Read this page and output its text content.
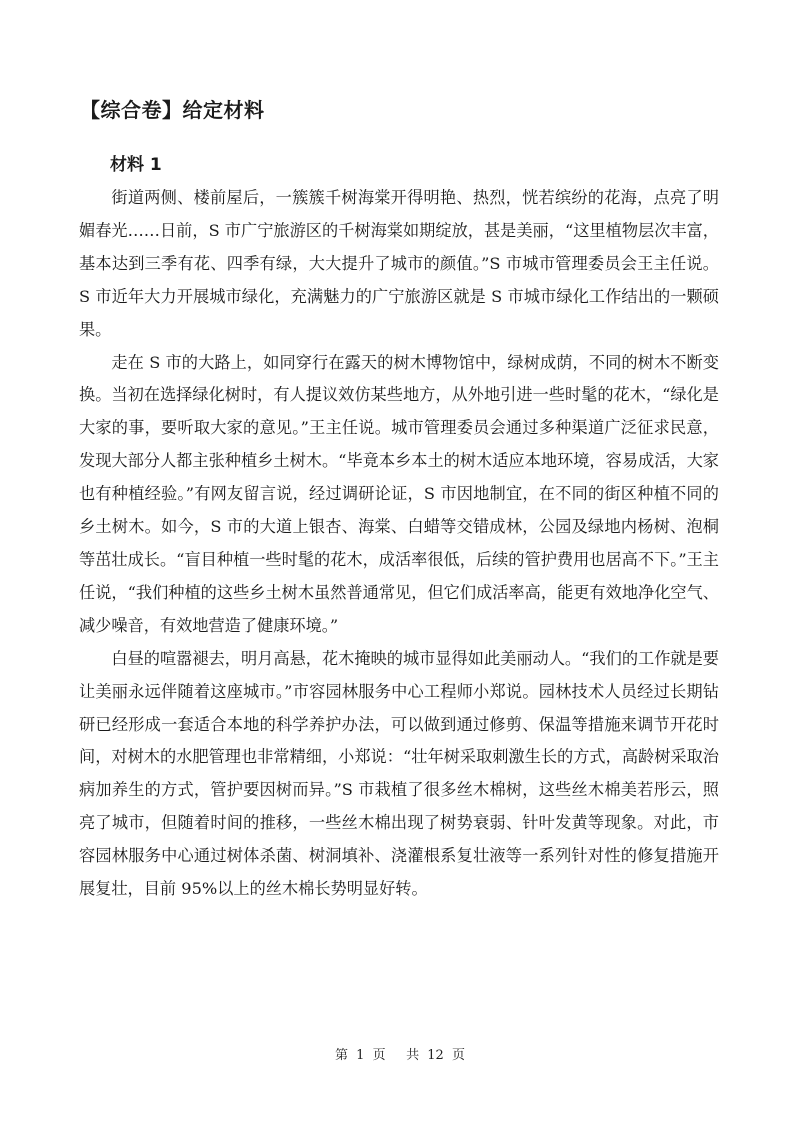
【综合卷】给定材料
材料 1

街道两侧、楼前屋后，一簇簇千树海棠开得明艳、热烈，恍若缤纷的花海，点亮了明媚春光……日前，S 市广宁旅游区的千树海棠如期绽放，甚是美丽，“这里植物层次丰富，基本达到三季有花、四季有绿，大大提升了城市的颜值。”S 市城市管理委员会王主任说。S 市近年大力开展城市绿化，充满魅力的广宁旅游区就是 S 市城市绿化工作结出的一颗硕果。

走在 S 市的大路上，如同穿行在露天的树木博物馆中，绿树成荫，不同的树木不断变换。当初在选择绿化树时，有人提议效仿某些地方，从外地引进一些时髦的花木，“绿化是大家的事，要听取大家的意见。”王主任说。城市管理委员会通过多种渠道广泛征求民意，发现大部分人都主张种植乡土树木。“毕竟本乡本土的树木适应本地环境，容易成活，大家也有种植经验。”有网友留言说，经过调研论证，S 市因地制宜，在不同的街区种植不同的乡土树木。如今，S 市的大道上银杏、海棠、白蜡等交错成林，公园及绿地内杨树、泡桐等茁壮成长。“盲目种植一些时髦的花木，成活率很低，后续的管护费用也居高不下。”王主任说，“我们种植的这些乡土树木虽然普通常见，但它们成活率高，能更有效地净化空气、减少噪音，有效地营造了健康环境。”

白昼的喧嚣褪去，明月高悬，花木掩映的城市显得如此美丽动人。“我们的工作就是要让美丽永远伴随着这座城市。”市容园林服务中心工程师小郑说。园林技术人员经过长期钻研已经形成一套适合本地的科学养护办法，可以做到通过修剪、保温等措施来调节开花时间，对树木的水肥管理也非常精细，小郑说：“壮年树采取刺激生长的方式，高龄树采取治病加养生的方式，管护要因树而异。”S 市栽植了很多丝木棉树，这些丝木棉美若彤云，照亮了城市，但随着时间的推移，一些丝木棉出现了树势衰弱、针叶发黄等现象。对此，市容园林服务中心通过树体杀菌、树洞填补、浇灌根系复壮液等一系列针对性的修复措施开展复壮，目前 95%以上的丝木棉长势明显好转。

第 1 页 共 12 页
